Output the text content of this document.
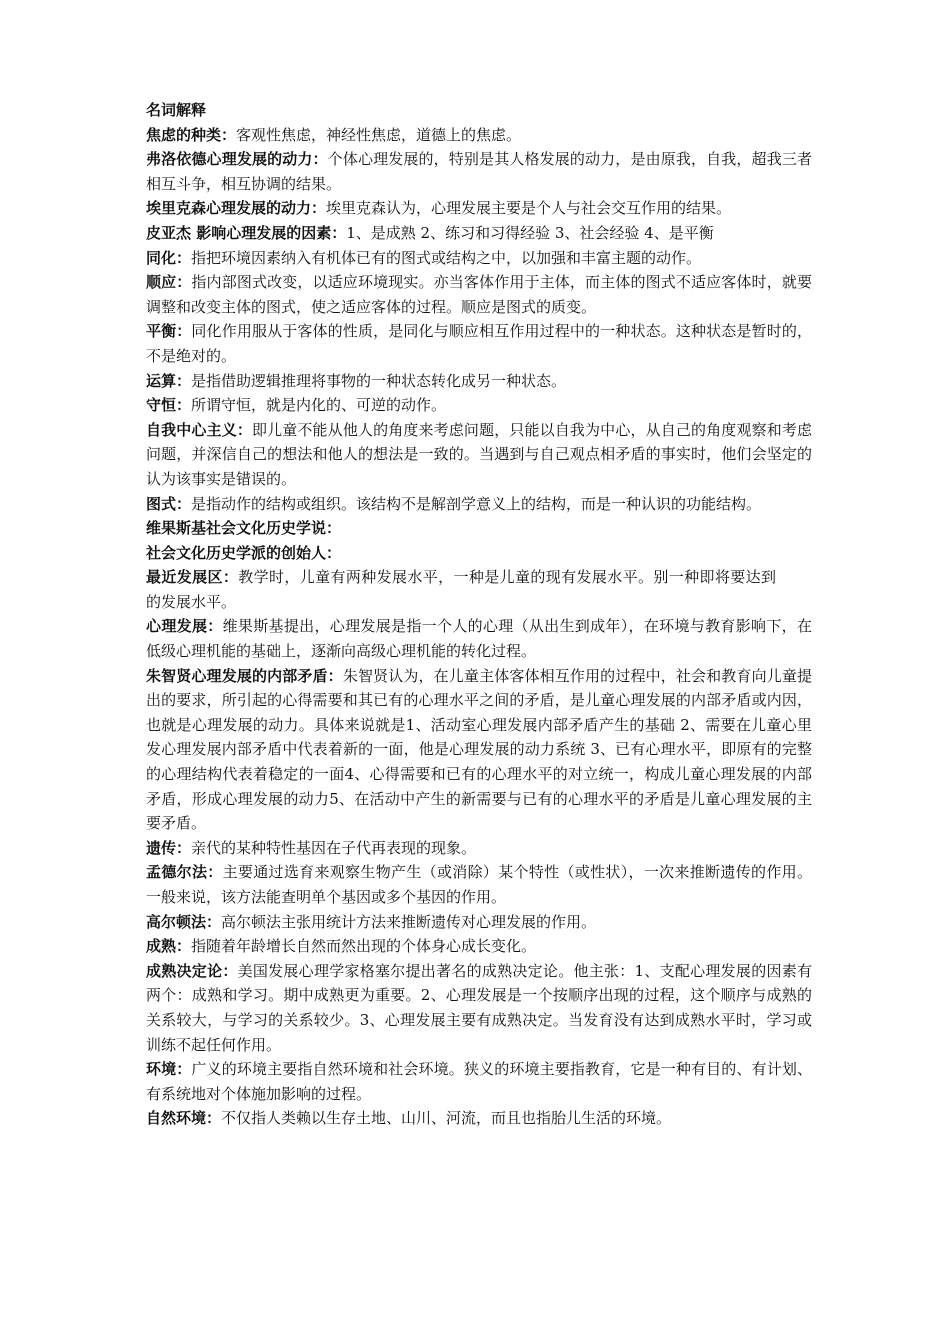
名词解释

焦虑的种类：客观性焦虑，神经性焦虑，道德上的焦虑。

弗洛依德心理发展的动力：个体心理发展的，特别是其人格发展的动力，是由原我，自我，超我三者相互斗争，相互协调的结果。

埃里克森心理发展的动力：埃里克森认为，心理发展主要是个人与社会交互作用的结果。

皮亚杰 影响心理发展的因素：1、是成熟 2、练习和习得经验 3、社会经验 4、是平衡

同化：指把环境因素纳入有机体已有的图式或结构之中，以加强和丰富主题的动作。

顺应：指内部图式改变，以适应环境现实。亦当客体作用于主体，而主体的图式不适应客体时，就要调整和改变主体的图式，使之适应客体的过程。顺应是图式的质变。

平衡：同化作用服从于客体的性质，是同化与顺应相互作用过程中的一种状态。这种状态是暂时的，不是绝对的。

运算：是指借助逻辑推理将事物的一种状态转化成另一种状态。

守恒：所谓守恒，就是内化的、可逆的动作。

自我中心主义：即儿童不能从他人的角度来考虑问题，只能以自我为中心，从自己的角度观察和考虑问题，并深信自己的想法和他人的想法是一致的。当遇到与自己观点相矛盾的事实时，他们会坚定的认为该事实是错误的。

图式：是指动作的结构或组织。该结构不是解剖学意义上的结构，而是一种认识的功能结构。

维果斯基社会文化历史学说：

社会文化历史学派的创始人：

最近发展区：教学时，儿童有两种发展水平，一种是儿童的现有发展水平。别一种即将要达到的发展水平。

心理发展：维果斯基提出，心理发展是指一个人的心理（从出生到成年），在环境与教育影响下，在低级心理机能的基础上，逐渐向高级心理机能的转化过程。

朱智贤心理发展的内部矛盾：朱智贤认为，在儿童主体客体相互作用的过程中，社会和教育向儿童提出的要求，所引起的心得需要和其已有的心理水平之间的矛盾，是儿童心理发展的内部矛盾或内因，也就是心理发展的动力。具体来说就是1、活动室心理发展内部矛盾产生的基础 2、需要在儿童心里发心理发展内部矛盾中代表着新的一面，他是心理发展的动力系统 3、已有心理水平，即原有的完整的心理结构代表着稳定的一面4、心得需要和已有的心理水平的对立统一，构成儿童心理发展的内部矛盾，形成心理发展的动力5、在活动中产生的新需要与已有的心理水平的矛盾是儿童心理发展的主要矛盾。

遗传：亲代的某种特性基因在子代再表现的现象。

孟德尔法：主要通过选育来观察生物产生（或消除）某个特性（或性状），一次来推断遗传的作用。一般来说，该方法能查明单个基因或多个基因的作用。

高尔顿法：高尔顿法主张用统计方法来推断遗传对心理发展的作用。

成熟：指随着年龄增长自然而然出现的个体身心成长变化。

成熟决定论：美国发展心理学家格塞尔提出著名的成熟决定论。他主张：1、支配心理发展的因素有两个：成熟和学习。期中成熟更为重要。2、心理发展是一个按顺序出现的过程，这个顺序与成熟的关系较大，与学习的关系较少。3、心理发展主要有成熟决定。当发育没有达到成熟水平时，学习或训练不起任何作用。

环境：广义的环境主要指自然环境和社会环境。狭义的环境主要指教育，它是一种有目的、有计划、有系统地对个体施加影响的过程。

自然环境：不仅指人类赖以生存土地、山川、河流，而且也指胎儿生活的环境。
